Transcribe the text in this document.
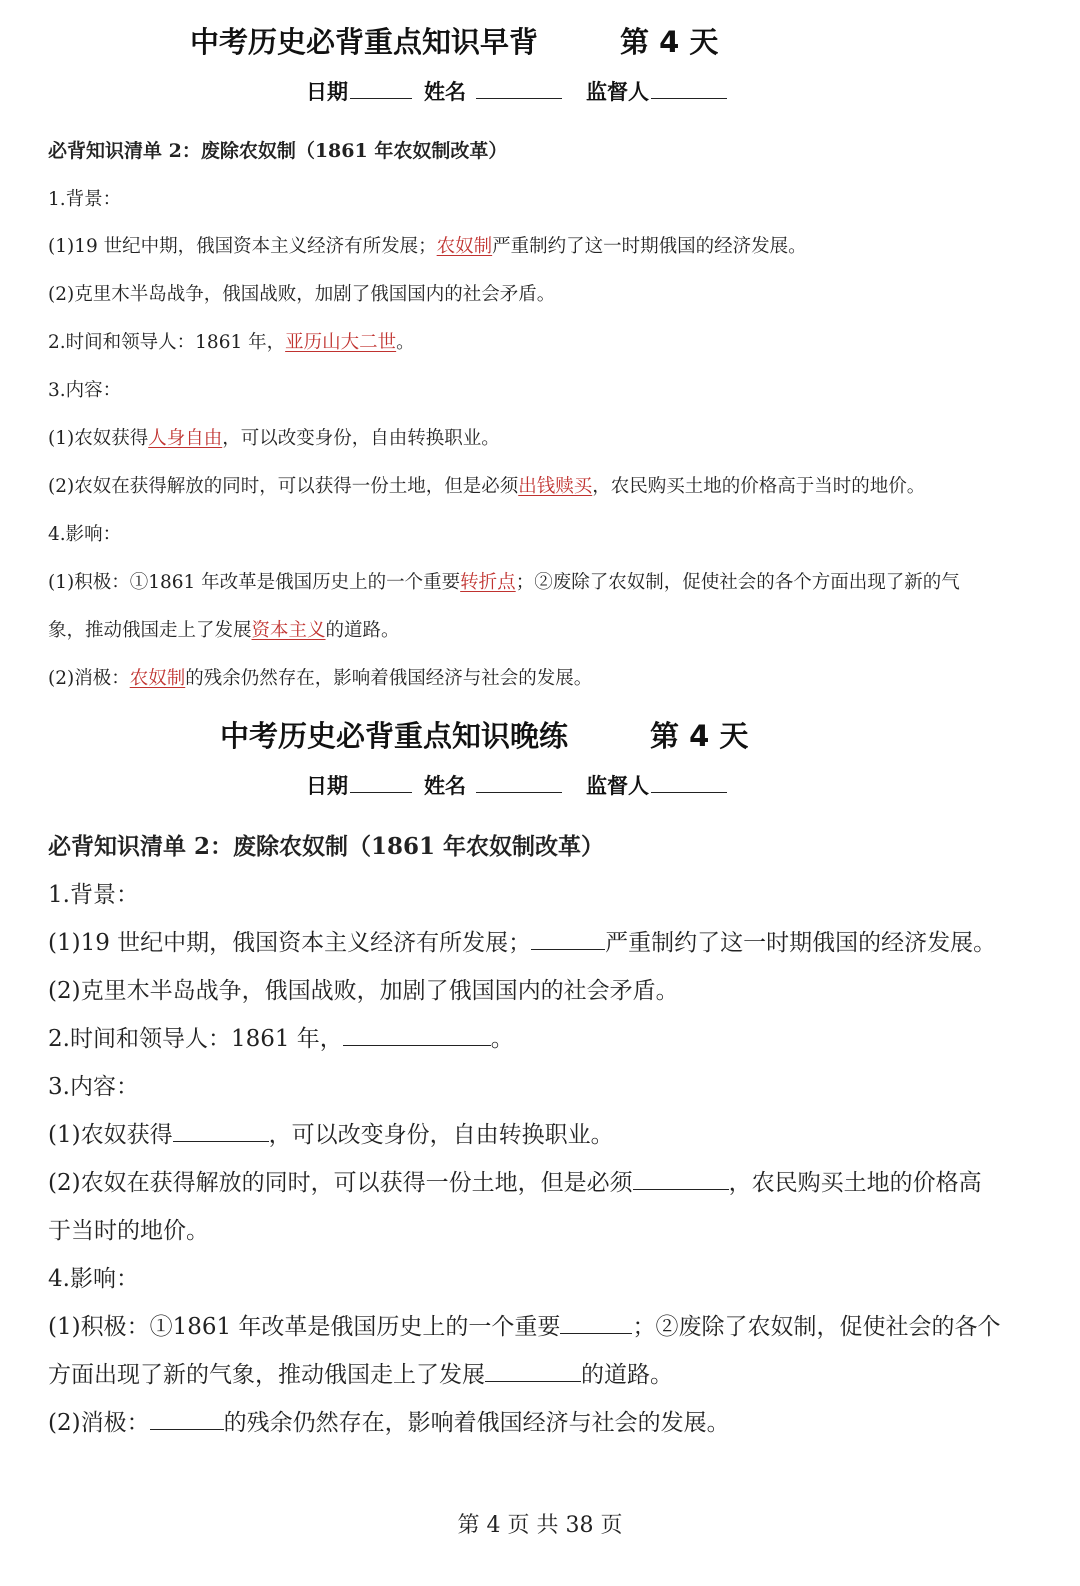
中考历史必背重点知识早背	第 4 天
日期	姓名	监督人
必背知识清单 2：废除农奴制（1861 年农奴制改革）
1.背景：
(1)19 世纪中期，俄国资本主义经济有所发展；农奴制严重制约了这一时期俄国的经济发展。
(2)克里木半岛战争，俄国战败，加剧了俄国国内的社会矛盾。
2.时间和领导人：1861 年，亚历山大二世。
3.内容：
(1)农奴获得人身自由，可以改变身份，自由转换职业。
(2)农奴在获得解放的同时，可以获得一份土地，但是必须出钱赎买，农民购买土地的价格高于当时的地价。
4.影响：
(1)积极：①1861 年改革是俄国历史上的一个重要转折点；②废除了农奴制，促使社会的各个方面出现了新的气
象，推动俄国走上了发展资本主义的道路。
(2)消极：农奴制的残余仍然存在，影响着俄国经济与社会的发展。
中考历史必背重点知识晚练	第 4 天
日期	姓名	监督人
必背知识清单 2：废除农奴制（1861 年农奴制改革）
1.背景：
(1)19 世纪中期，俄国资本主义经济有所发展；	严重制约了这一时期俄国的经济发展。
(2)克里木半岛战争，俄国战败，加剧了俄国国内的社会矛盾。
2.时间和领导人：1861 年，	。
3.内容：
(1)农奴获得	，可以改变身份，自由转换职业。
(2)农奴在获得解放的同时，可以获得一份土地，但是必须	，农民购买土地的价格高
于当时的地价。
4.影响：
(1)积极：①1861 年改革是俄国历史上的一个重要	；②废除了农奴制，促使社会的各个
方面出现了新的气象，推动俄国走上了发展	的道路。
(2)消极：	的残余仍然存在，影响着俄国经济与社会的发展。
第 4 页 共 38 页
